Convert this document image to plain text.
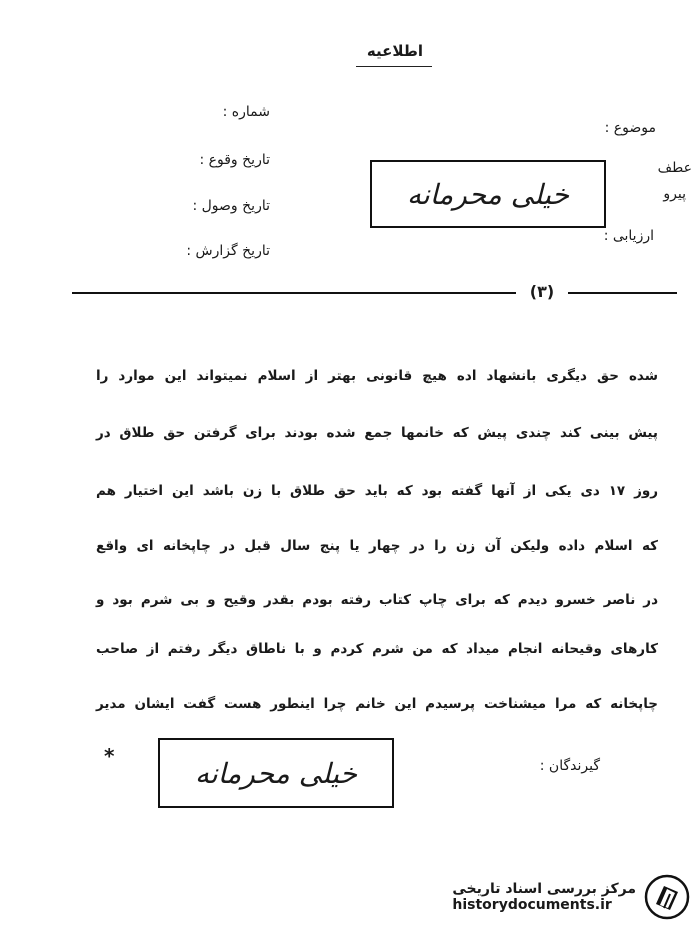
اطلاعیه
شماره :
تاریخ وقوع :
تاریخ وصول :
تاریخ گزارش :
موضوع :
عطف
پیرو
ارزیابی :
خیلی محرمانه
(۳)
شده حق دیگری بانشهاد اده هیچ قانونی بهتر از اسلام نمیتواند این موارد را
پیش بینی کند چندی پیش که خانمها جمع شده بودند برای گرفتن حق طلاق در
روز ۱۷ دی یکی از آنها گفته بود که باید حق طلاق با زن باشد این اختیار هم
که اسلام داده ولیکن آن زن را در چهار یا پنج سال قبل در چاپخانه ای واقع
در ناصر خسرو دیدم که برای چاپ کتاب رفته بودم بقدر وقیح و بی شرم بود و
کارهای وقیحانه انجام میداد که من شرم کردم و با ناطاق دیگر رفتم از صاحب
چاپخانه که مرا میشناخت پرسیدم این خانم چرا اینطور هست گفت ایشان مدیر
*
خیلی محرمانه	گیرندگان :
مرکز بررسی اسناد تاریخی
historydocuments.ir
